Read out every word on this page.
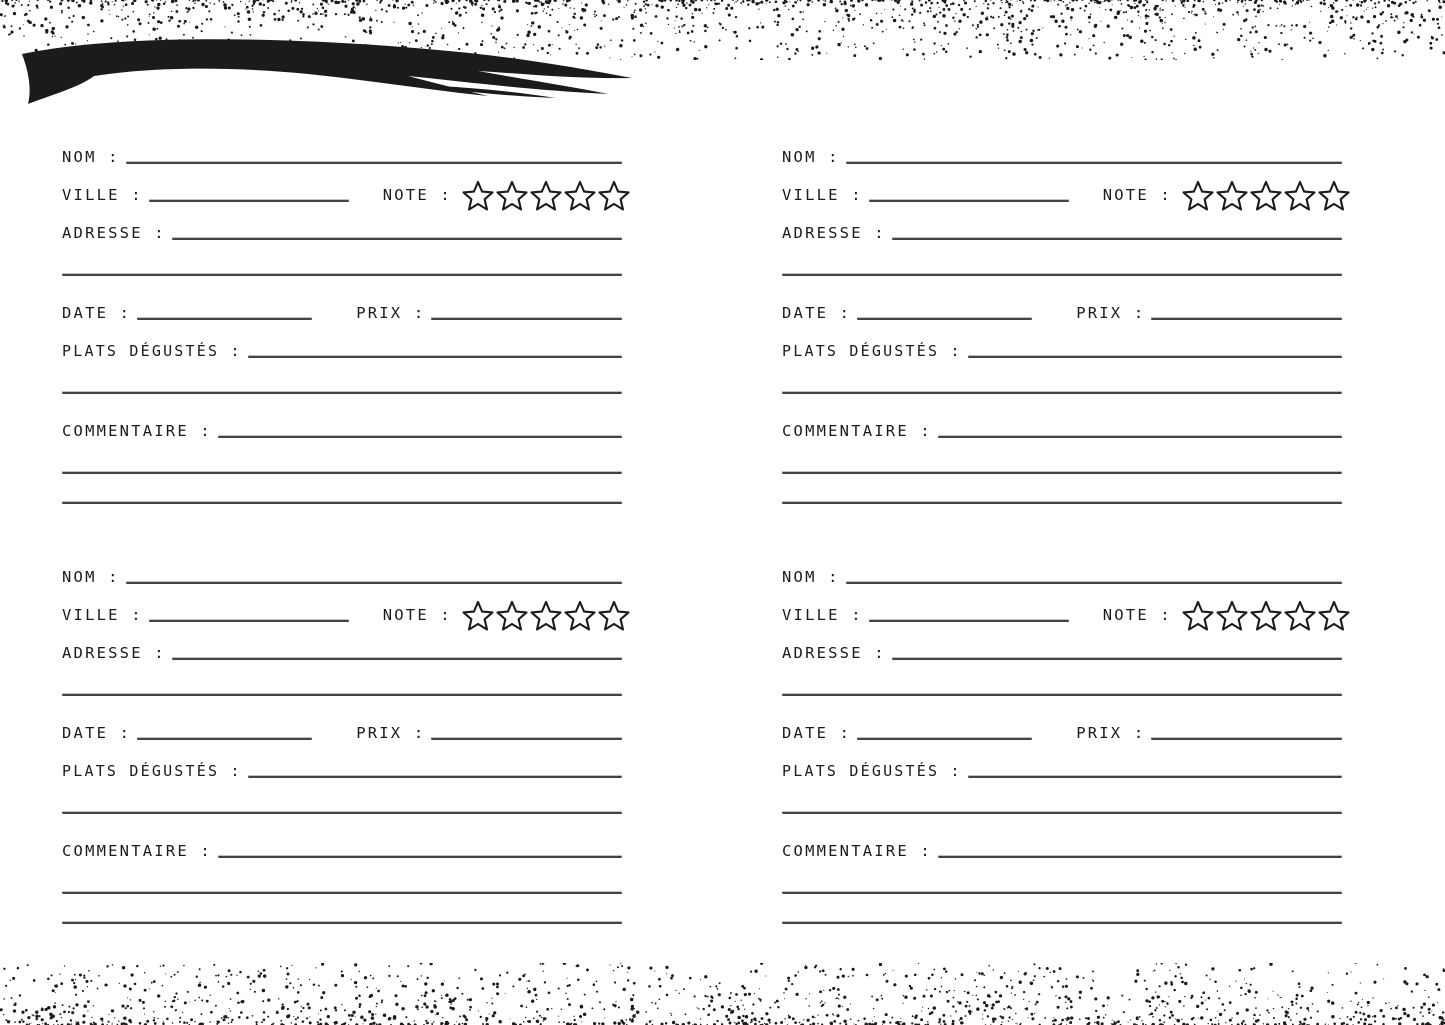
RESTAURANTS
NOM :
VILLE :	NOTE :
ADRESSE :
DATE :	PRIX :
PLATS DÉGUSTÉS :
COMMENTAIRE :
NOM :
VILLE :	NOTE :
ADRESSE :
DATE :	PRIX :
PLATS DÉGUSTÉS :
COMMENTAIRE :
NOM :
VILLE :	NOTE :
ADRESSE :
DATE :	PRIX :
PLATS DÉGUSTÉS :
COMMENTAIRE :
NOM :
VILLE :	NOTE :
ADRESSE :
DATE :	PRIX :
PLATS DÉGUSTÉS :
COMMENTAIRE :
